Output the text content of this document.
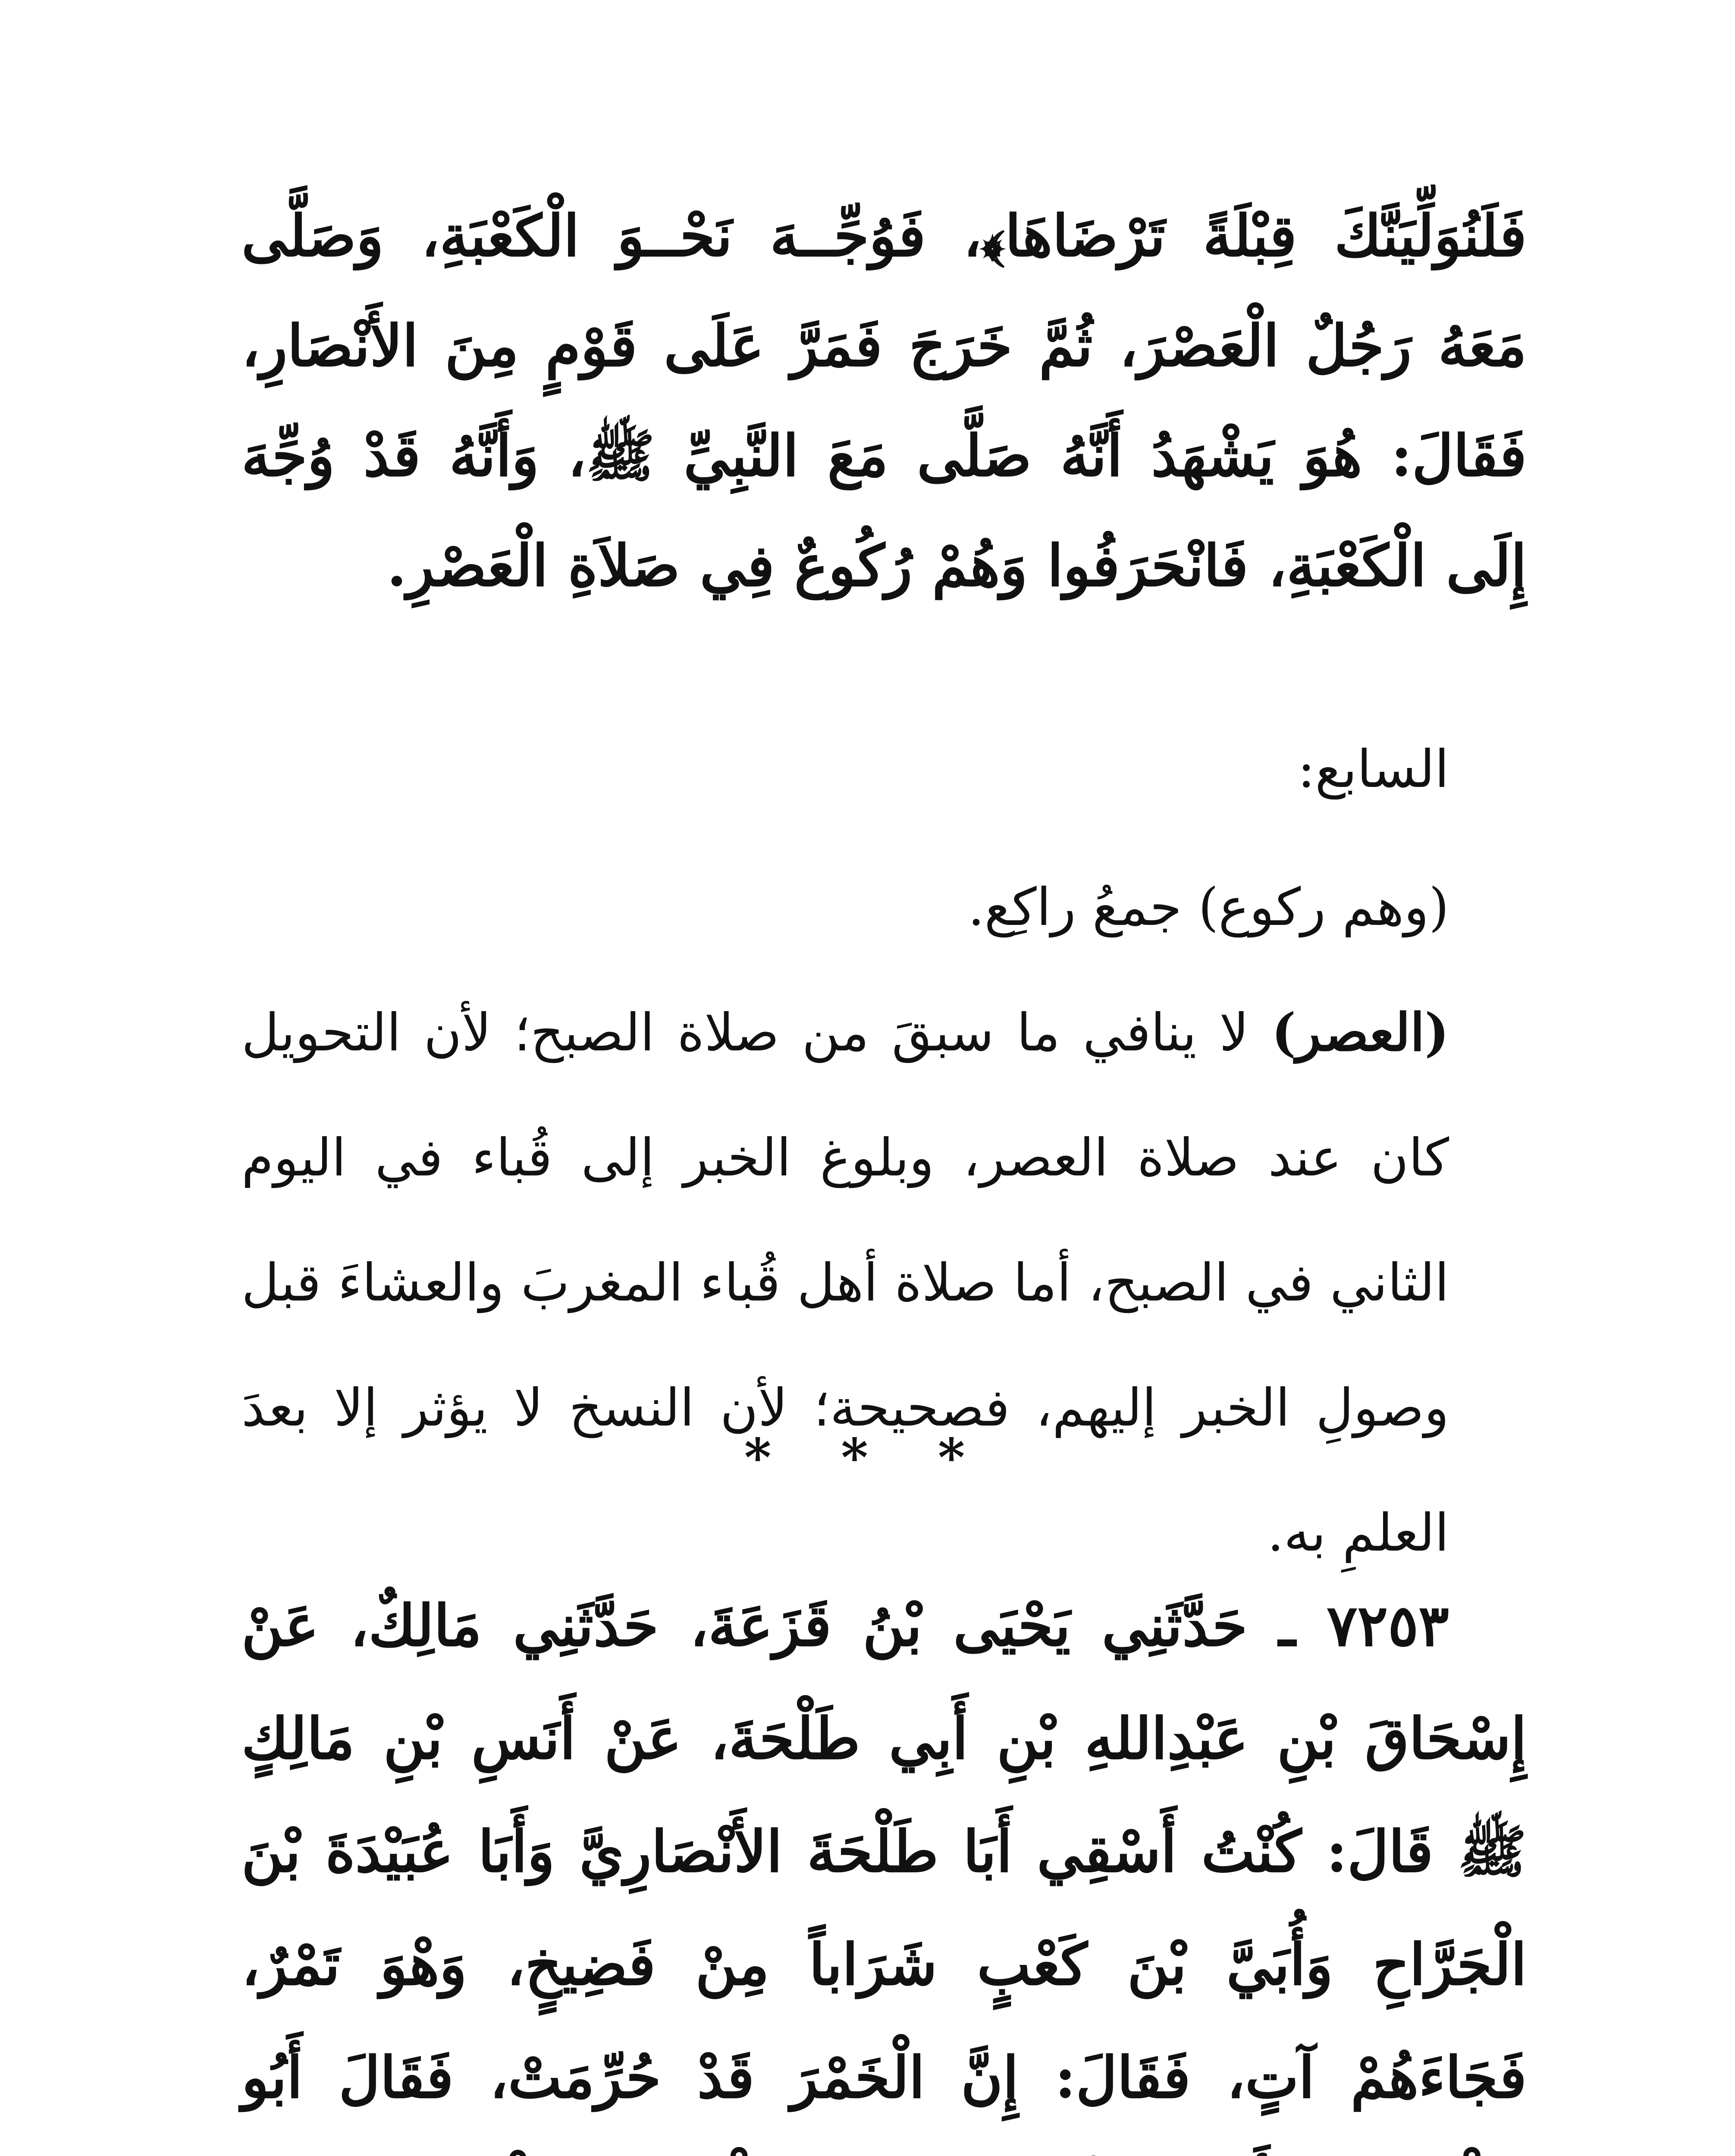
فَلَنُوَلِّيَنَّكَ قِبْلَةً تَرْضَاهَا﴾، فَوُجِّــهَ نَحْــوَ الْكَعْبَةِ، وَصَلَّى مَعَهُ رَجُلٌ الْعَصْرَ، ثُمَّ خَرَجَ فَمَرَّ عَلَى قَوْمٍ مِنَ الأَنْصَارِ، فَقَالَ: هُوَ يَشْهَدُ أَنَّهُ صَلَّى مَعَ النَّبِيِّ ﷺ، وَأَنَّهُ قَدْ وُجِّهَ إِلَى الْكَعْبَةِ، فَانْحَرَفُوا وَهُمْ رُكُوعٌ فِي صَلاَةِ الْعَصْرِ.

السابع:

(وهم ركوع) جمعُ راكِع.

(العصر) لا ينافي ما سبقَ من صلاة الصبح؛ لأن التحويل كان عند صلاة العصر، وبلوغ الخبر إلى قُباء في اليوم الثاني في الصبح، أما صلاة أهل قُباء المغربَ والعشاءَ قبل وصولِ الخبر إليهم، فصحيحة؛ لأن النسخ لا يؤثر إلا بعدَ العلمِ به.

* * *
٧٢٥٣ ـ حَدَّثَنِي يَحْيَى بْنُ قَزَعَةَ، حَدَّثَنِي مَالِكٌ، عَنْ إِسْحَاقَ بْنِ عَبْدِاللهِ بْنِ أَبِي طَلْحَةَ، عَنْ أَنَسِ بْنِ مَالِكٍ ﷺ قَالَ: كُنْتُ أَسْقِي أَبَا طَلْحَةَ الأَنْصَارِيَّ وَأَبَا عُبَيْدَةَ بْنَ الْجَرَّاحِ وَأُبَيَّ بْنَ كَعْبٍ شَرَاباً مِنْ فَضِيخٍ، وَهْوَ تَمْرٌ، فَجَاءَهُمْ آتٍ، فَقَالَ: إِنَّ الْخَمْرَ قَدْ حُرِّمَتْ، فَقَالَ أَبُو
